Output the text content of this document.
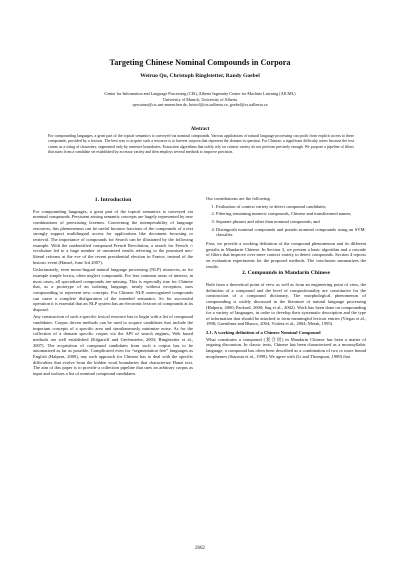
Targeting Chinese Nominal Compounds in Corpora
Weiruo Qu, Christoph Ringlstetter, Randy Goebel
Center for Information and Language Processing (CIS), Alberta Ingenuity Center for Machine Learning (AICML)
University of Munich, University of Alberta
qewuiruo@cis.uni-muenchen.de, kristof@cis.ualberta.ca, goebel@cs.ualberta.ca
Abstract
For compounding languages, a great part of the topical semantics is conveyed via nominal compounds. Various applications of natural language processing can profit from explicit access to these compounds, provided by a lexicon. The best way to acquire such a resource is to harvest corpora that represent the domain in question. For Chinese, a significant difficulty arises because the text comes as a string of characters, segmented only by sentence boundaries. Extraction algorithms that solely rely on context variety do not perform precisely enough. We propose a pipeline of filters that starts from a candidate set established by accessor variety and then employs several methods to improve precision.
1. Introduction

For compounding languages, a great part of the topical semantics is conveyed via nominal compounds. Persistent arising semantic concepts are largely represented by new combinations of preexisting lexemes. Concerning the intemperability of language resources, this phenomenon can be useful because fractions of the compounds of a text strongly support multilingual access for applications like document browsing or retrieval. The importance of compounds for Search can be illustrated by the following example. With the unidentified compound French Revolution, a search for French ∩ revolution led to a huge number of unwanted results referring to the promised neo-liberal reforms at the eve of the recent presidential election in France, instead of the historic event (Hansel, June 3rd 2007).

Unfortunately, even mono-lingual natural language processing (NLP) resources, as for example simple lexica, often neglect compounds. For less common areas of interest, in most cases, all specialized compounds are missing. This is especially true for Chinese that, as a prototype of an isolating language, nearly without exception, uses compounding to represent new concepts. For Chinese NLP, unrecognized compounds can cause a complete disfiguration of the intended semantics. So for successful operation it is essential that an NLP system has an electronic lexicon of compounds at its disposal.

Any construction of such a specific lexical resource has to begin with a list of compound candidates. Corpus driven methods can be used to acquire candidates that include the important concepts of a specific area and simultaneously minimize noise. As for the collection of a domain specific corpus via the API of search engines, Web based methods are well established (Kilgarriff and Grefenstette, 2003; Ringlstetter et al., 2007). The acquisition of compound candidates from such a corpus has to be automatized as far as possible. Complicated even for “segmentation free” languages as English (Halpern, 2000), any such approach for Chinese has to deal with the specific difficulties that evolve from the hidden word boundaries that characterize Hanzi text. The aim of this paper is to provide a collection pipeline that uses an arbitrary corpus as input and isolates a list of nominal compound candidates.

Our contributions are the following.

1. Evaluation of context variety to detect compound candidates;
2. Filtering remaining numeric compounds, Chinese and transliterated names;
3. Separate phrases and other than nominal compounds; and
4. Distinguish nominal compounds and pseudo nominal compounds using an SVM-classifier.

First, we provide a working definition of the compound phenomenon and its different gestalts in Mandarin Chinese. In Section 3, we present a basic algorithm and a cascade of filters that improve over mere context variety to detect compounds. Section 4 reports on evaluation experiments for the proposed methods. The conclusion summarizes the results.

2. Compounds in Mandarin Chinese

Both from a theoretical point of view as well as from an engineering point of view, the definition of a compound and the level of compositionality are constitutive for the construction of a compound dictionary. The morphological phenomenon of compounding is widely discussed in the literature of natural language processing (Halpern, 2000; Packard, 2000; Sag et al., 2002). Work has been done on compounding for a variety of languages, in order to develop their systematic description and the type of information that should be attached to form meaningful lexicon entries (Viegas et al., 1998; Guenthner and Blanco, 2004; Violeta et al., 2004; Meiak, 1995).

2.1. A working definition of a Chinese Nominal Compound

What constitutes a compound (复合词) in Mandarin Chinese has been a matter of ongoing discussion. In classic texts, Chinese has been characterized as a monosyllabic language; a compound has often been described as a combination of two or more bound morphemes (Starosta et al., 1998). We agree with (Li and Thompson, 1989) that

2662
